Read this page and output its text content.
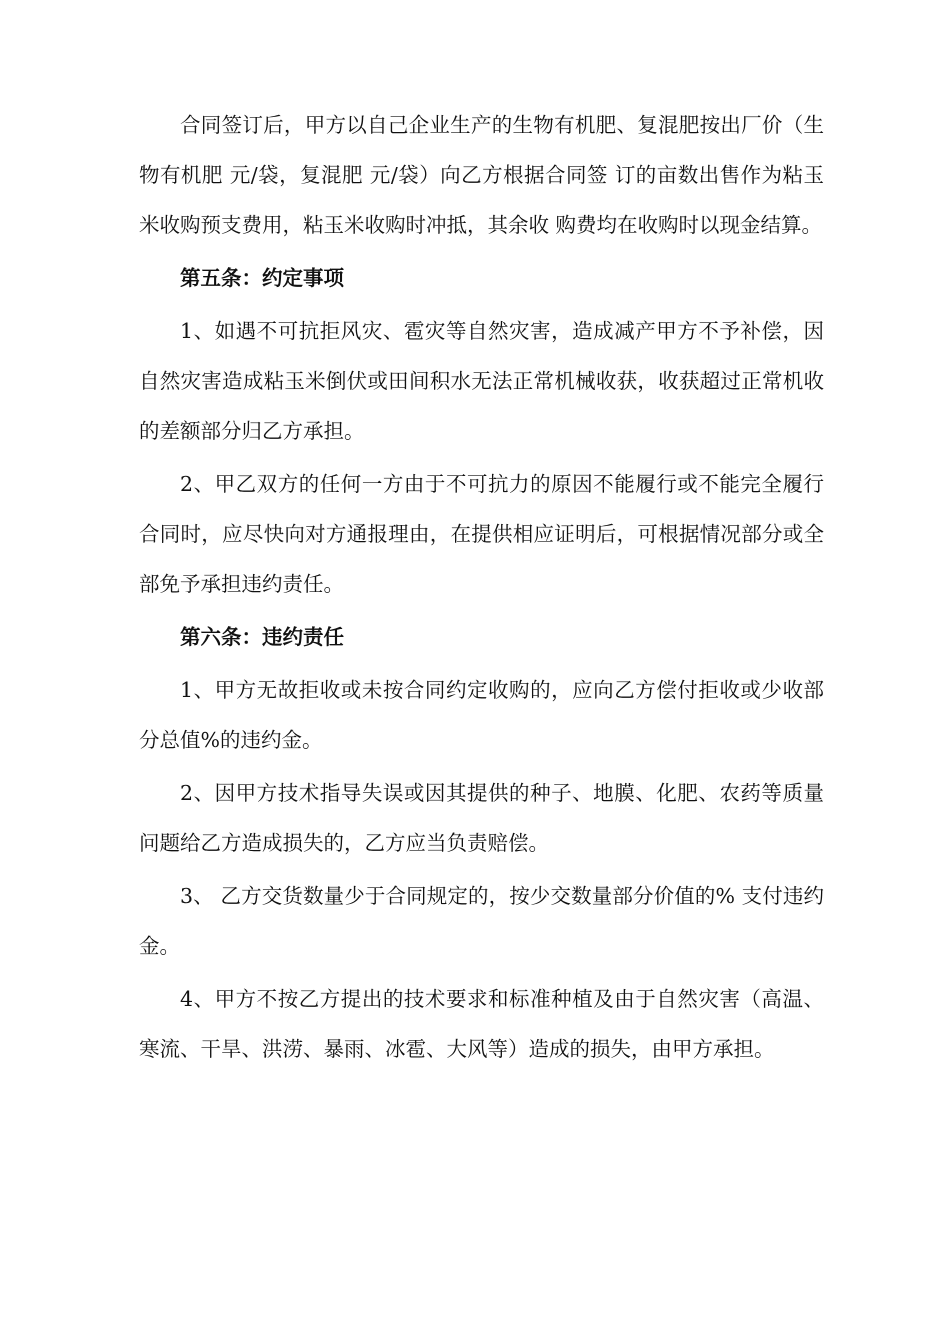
合同签订后，甲方以自己企业生产的生物有机肥、复混肥按出厂价（生物有机肥 元/袋，复混肥 元/袋）向乙方根据合同签 订的亩数出售作为粘玉米收购预支费用，粘玉米收购时冲抵，其余收 购费均在收购时以现金结算。

第五条：约定事项

1、如遇不可抗拒风灾、雹灾等自然灾害，造成减产甲方不予补偿，因自然灾害造成粘玉米倒伏或田间积水无法正常机械收获，收获超过正常机收的差额部分归乙方承担。

2、甲乙双方的任何一方由于不可抗力的原因不能履行或不能完全履行合同时，应尽快向对方通报理由，在提供相应证明后，可根据情况部分或全部免予承担违约责任。

第六条：违约责任

1、甲方无故拒收或未按合同约定收购的，应向乙方偿付拒收或少收部分总值%的违约金。

2、因甲方技术指导失误或因其提供的种子、地膜、化肥、农药等质量问题给乙方造成损失的，乙方应当负责赔偿。

3、 乙方交货数量少于合同规定的，按少交数量部分价值的% 支付违约金。

4、甲方不按乙方提出的技术要求和标准种植及由于自然灾害（高温、寒流、干旱、洪涝、暴雨、冰雹、大风等）造成的损失，由甲方承担。
